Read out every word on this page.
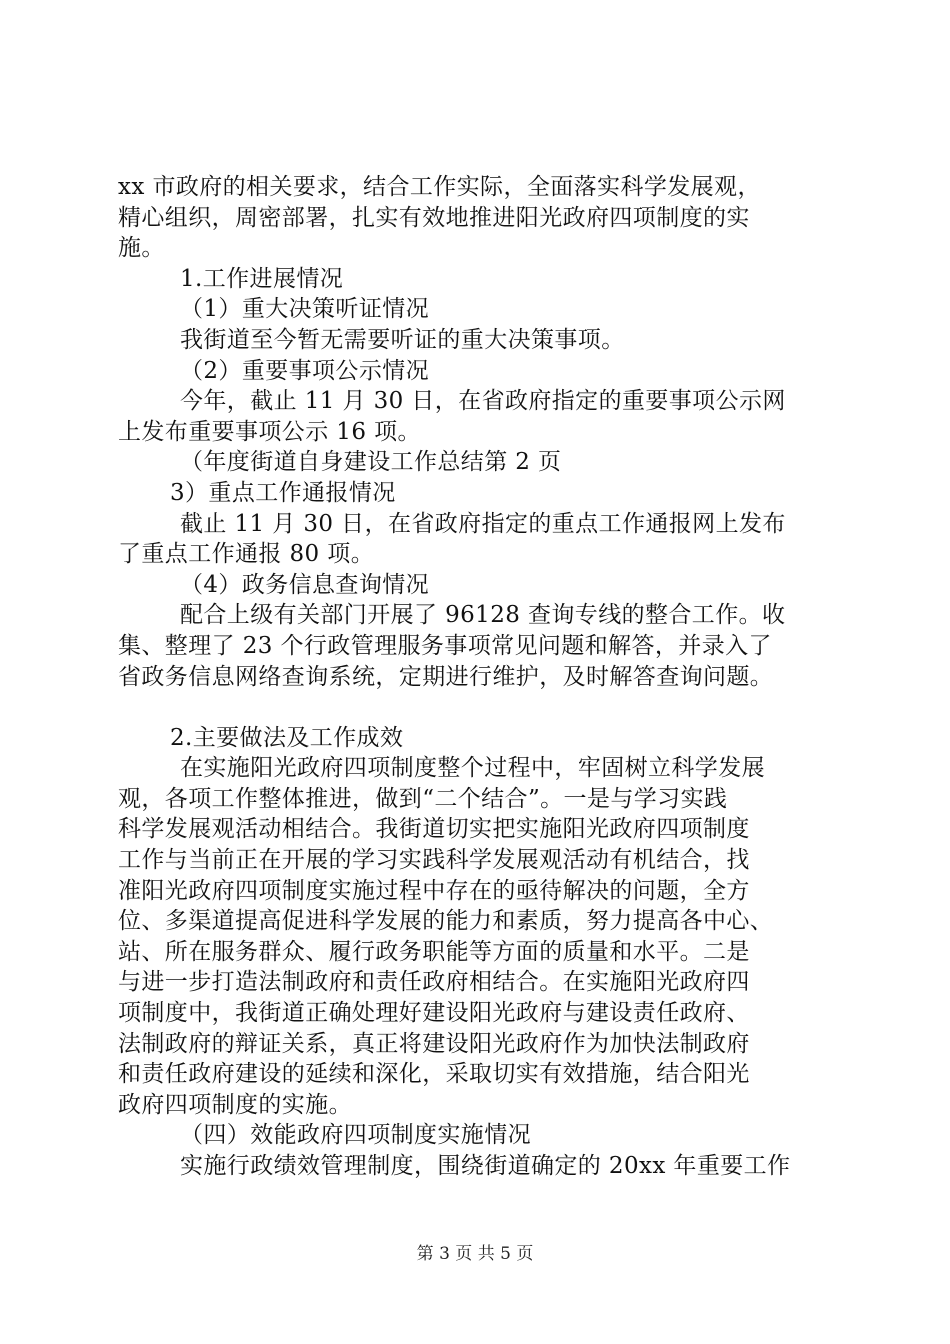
xx 市政府的相关要求，结合工作实际，全面落实科学发展观，
精心组织，周密部署，扎实有效地推进阳光政府四项制度的实
施。
1.工作进展情况
（1）重大决策听证情况
我街道至今暂无需要听证的重大决策事项。
（2）重要事项公示情况
今年，截止 11 月 30 日，在省政府指定的重要事项公示网
上发布重要事项公示 16 项。
（年度街道自身建设工作总结第 2 页
3）重点工作通报情况
截止 11 月 30 日，在省政府指定的重点工作通报网上发布
了重点工作通报 80 项。
（4）政务信息查询情况
配合上级有关部门开展了 96128 查询专线的整合工作。收
集、整理了 23 个行政管理服务事项常见问题和解答，并录入了
省政务信息网络查询系统，定期进行维护，及时解答查询问题。
2.主要做法及工作成效
在实施阳光政府四项制度整个过程中，牢固树立科学发展
观，各项工作整体推进，做到“二个结合”。一是与学习实践
科学发展观活动相结合。我街道切实把实施阳光政府四项制度
工作与当前正在开展的学习实践科学发展观活动有机结合，找
准阳光政府四项制度实施过程中存在的亟待解决的问题，全方
位、多渠道提高促进科学发展的能力和素质，努力提高各中心、
站、所在服务群众、履行政务职能等方面的质量和水平。二是
与进一步打造法制政府和责任政府相结合。在实施阳光政府四
项制度中，我街道正确处理好建设阳光政府与建设责任政府、
法制政府的辩证关系，真正将建设阳光政府作为加快法制政府
和责任政府建设的延续和深化，采取切实有效措施，结合阳光
政府四项制度的实施。
（四）效能政府四项制度实施情况
实施行政绩效管理制度，围绕街道确定的 20xx 年重要工作
第 3 页 共 5 页
